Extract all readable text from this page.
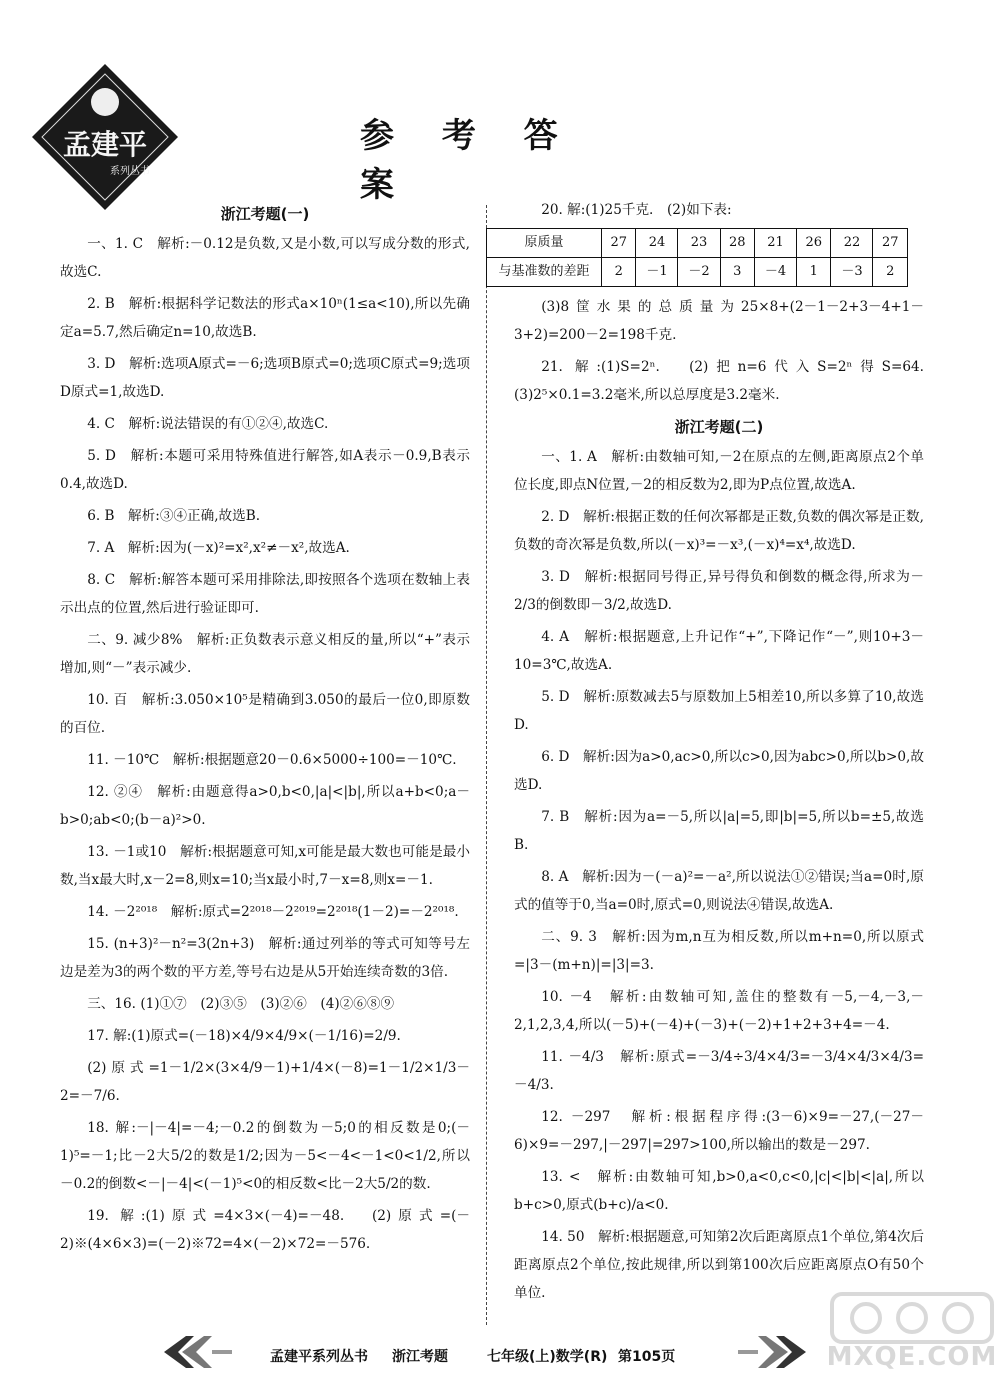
孟建平
系列丛书
参 考 答 案
浙江考题(一)
一、1. C　解析:－0.12是负数,又是小数,可以写成分数的形式,故选C.
2. B　解析:根据科学记数法的形式a×10ⁿ(1≤a<10),所以先确定a=5.7,然后确定n=10,故选B.
3. D　解析:选项A原式=－6;选项B原式=0;选项C原式=9;选项D原式=1,故选D.
4. C　解析:说法错误的有①②④,故选C.
5. D　解析:本题可采用特殊值进行解答,如A表示－0.9,B表示0.4,故选D.
6. B　解析:③④正确,故选B.
7. A　解析:因为(－x)²=x²,x²≠－x²,故选A.
8. C　解析:解答本题可采用排除法,即按照各个选项在数轴上表示出点的位置,然后进行验证即可.
二、9. 减少8%　解析:正负数表示意义相反的量,所以“+”表示增加,则“－”表示减少.
10. 百　解析:3.050×10⁵是精确到3.050的最后一位0,即原数的百位.
11. －10℃　解析:根据题意20－0.6×5000÷100=－10℃.
12. ②④　解析:由题意得a>0,b<0,|a|<|b|,所以a+b<0;a－b>0;ab<0;(b－a)²>0.
13. －1或10　解析:根据题意可知,x可能是最大数也可能是最小数,当x最大时,x－2=8,则x=10;当x最小时,7－x=8,则x=－1.
14. －2²⁰¹⁸　解析:原式=2²⁰¹⁸－2²⁰¹⁹=2²⁰¹⁸(1－2)=－2²⁰¹⁸.
15. (n+3)²－n²=3(2n+3)　解析:通过列举的等式可知等号左边是差为3的两个数的平方差,等号右边是从5开始连续奇数的3倍.
三、16. (1)①⑦　(2)③⑤　(3)②⑥　(4)②⑥⑧⑨
17. 解:(1)原式=(－18)×4/9×4/9×(－1/16)=2/9.
(2)原式=1－1/2×(3×4/9－1)+1/4×(－8)=1－1/2×1/3－2=－7/6.
18. 解:－|－4|=－4;－0.2的倒数为－5;0的相反数是0;(－1)⁵=－1;比－2大5/2的数是1/2;因为－5<－4<－1<0<1/2,所以－0.2的倒数<－|－4|<(－1)⁵<0的相反数<比－2大5/2的数.
19. 解:(1)原式=4×3×(－4)=－48.　(2)原式=(－2)※(4×6×3)=(－2)※72=4×(－2)×72=－576.
20. 解:(1)25千克.　(2)如下表:
原质量	27	24	23	28	21	26	22	27
与基准数的差距	2	－1	－2	3	－4	1	－3	2
(3)8筐水果的总质量为25×8+(2－1－2+3－4+1－3+2)=200－2=198千克.
21. 解:(1)S=2ⁿ.　(2)把n=6代入S=2ⁿ得S=64.　(3)2⁵×0.1=3.2毫米,所以总厚度是3.2毫米.
浙江考题(二)
一、1. A　解析:由数轴可知,－2在原点的左侧,距离原点2个单位长度,即点N位置,－2的相反数为2,即为P点位置,故选A.
2. D　解析:根据正数的任何次幂都是正数,负数的偶次幂是正数,负数的奇次幂是负数,所以(－x)³=－x³,(－x)⁴=x⁴,故选D.
3. D　解析:根据同号得正,异号得负和倒数的概念得,所求为－2/3的倒数即－3/2,故选D.
4. A　解析:根据题意,上升记作“+”,下降记作“－”,则10+3－10=3℃,故选A.
5. D　解析:原数减去5与原数加上5相差10,所以多算了10,故选D.
6. D　解析:因为a>0,ac>0,所以c>0,因为abc>0,所以b>0,故选D.
7. B　解析:因为a=－5,所以|a|=5,即|b|=5,所以b=±5,故选B.
8. A　解析:因为－(－a)²=－a²,所以说法①②错误;当a=0时,原式的值等于0,当a=0时,原式=0,则说法④错误,故选A.
二、9. 3　解析:因为m,n互为相反数,所以m+n=0,所以原式=|3－(m+n)|=|3|=3.
10. －4　解析:由数轴可知,盖住的整数有－5,－4,－3,－2,1,2,3,4,所以(－5)+(－4)+(－3)+(－2)+1+2+3+4=－4.
11. －4/3　解析:原式=－3/4÷3/4×4/3=－3/4×4/3×4/3=－4/3.
12. －297　解析:根据程序得:(3－6)×9=－27,(－27－6)×9=－297,|－297|=297>100,所以输出的数是－297.
13. <　解析:由数轴可知,b>0,a<0,c<0,|c|<|b|<|a|,所以b+c>0,原式(b+c)/a<0.
14. 50　解析:根据题意,可知第2次后距离原点1个单位,第4次后距离原点2个单位,按此规律,所以到第100次后应距离原点O有50个单位.
孟建平系列丛书 浙江考题	七年级(上)数学(R) 第105页	MXQE.COM
